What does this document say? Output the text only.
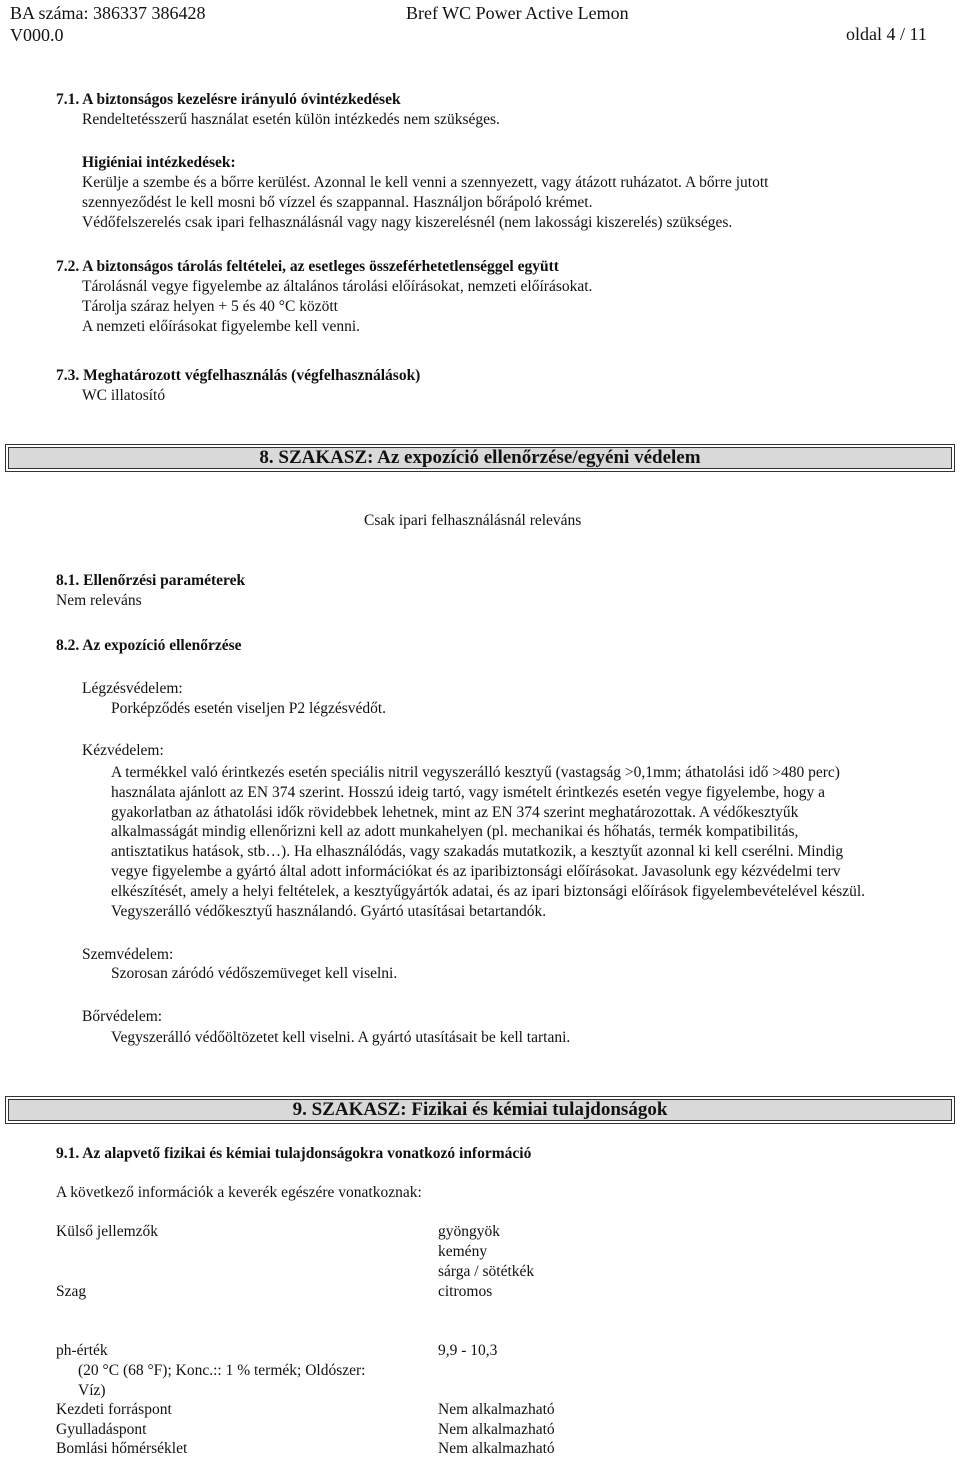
BA száma: 386337 386428
V000.0
Bref WC Power Active Lemon
oldal 4 / 11
7.1. A biztonságos kezelésre irányuló óvintézkedések
Rendeltetésszerű használat esetén külön intézkedés nem szükséges.
Higiéniai intézkedések:
Kerülje a szembe és a bőrre kerülést. Azonnal le kell venni a szennyezett, vagy átázott ruházatot. A bőrre jutott
szennyeződést le kell mosni bő vízzel és szappannal. Használjon bőrápoló krémet.
Védőfelszerelés csak ipari felhasználásnál vagy nagy kiszerelésnél (nem lakossági kiszerelés) szükséges.
7.2. A biztonságos tárolás feltételei, az esetleges összeférhetetlenséggel együtt
Tárolásnál vegye figyelembe az általános tárolási előírásokat, nemzeti előírásokat.
Tárolja száraz helyen + 5 és 40 °C között
A nemzeti előírásokat figyelembe kell venni.
7.3. Meghatározott végfelhasználás (végfelhasználások)
WC illatosító
8. SZAKASZ: Az expozíció ellenőrzése/egyéni védelem
Csak ipari felhasználásnál releváns
8.1. Ellenőrzési paraméterek
Nem releváns
8.2. Az expozíció ellenőrzése
Légzésvédelem:
Porképződés esetén viseljen P2 légzésvédőt.
Kézvédelem:
A termékkel való érintkezés esetén speciális nitril vegyszerálló kesztyű (vastagság >0,1mm; áthatolási idő >480 perc)
használata ajánlott az EN 374 szerint. Hosszú ideig tartó, vagy ismételt érintkezés esetén vegye figyelembe, hogy a
gyakorlatban az áthatolási idők rövidebbek lehetnek, mint az EN 374 szerint meghatározottak. A védőkesztyűk
alkalmasságát mindig ellenőrizni kell az adott munkahelyen (pl. mechanikai és hőhatás, termék kompatibilitás,
antisztatikus hatások, stb…). Ha elhasználódás, vagy szakadás mutatkozik, a kesztyűt azonnal ki kell cserélni. Mindig
vegye figyelembe a gyártó által adott információkat és az iparibiztonsági előírásokat. Javasolunk egy kézvédelmi terv
elkészítését, amely a helyi feltételek, a kesztyűgyártók adatai, és az ipari biztonsági előírások figyelembevételével készül.
Vegyszerálló védőkesztyű használandó. Gyártó utasításai betartandók.
Szemvédelem:
Szorosan záródó védőszemüveget kell viselni.
Bőrvédelem:
Vegyszerálló védőöltözetet kell viselni. A gyártó utasításait be kell tartani.
9. SZAKASZ: Fizikai és kémiai tulajdonságok
9.1. Az alapvető fizikai és kémiai tulajdonságokra vonatkozó információ
A következő információk a keverék egészére vonatkoznak:
Külső jellemzők	gyöngyök
kemény
sárga / sötétkék
Szag	citromos
ph-érték	9,9 - 10,3
(20 °C (68 °F); Konc.:: 1 % termék; Oldószer:
Víz)
Kezdeti forráspont	Nem alkalmazható
Gyulladáspont	Nem alkalmazható
Bomlási hőmérséklet	Nem alkalmazható
